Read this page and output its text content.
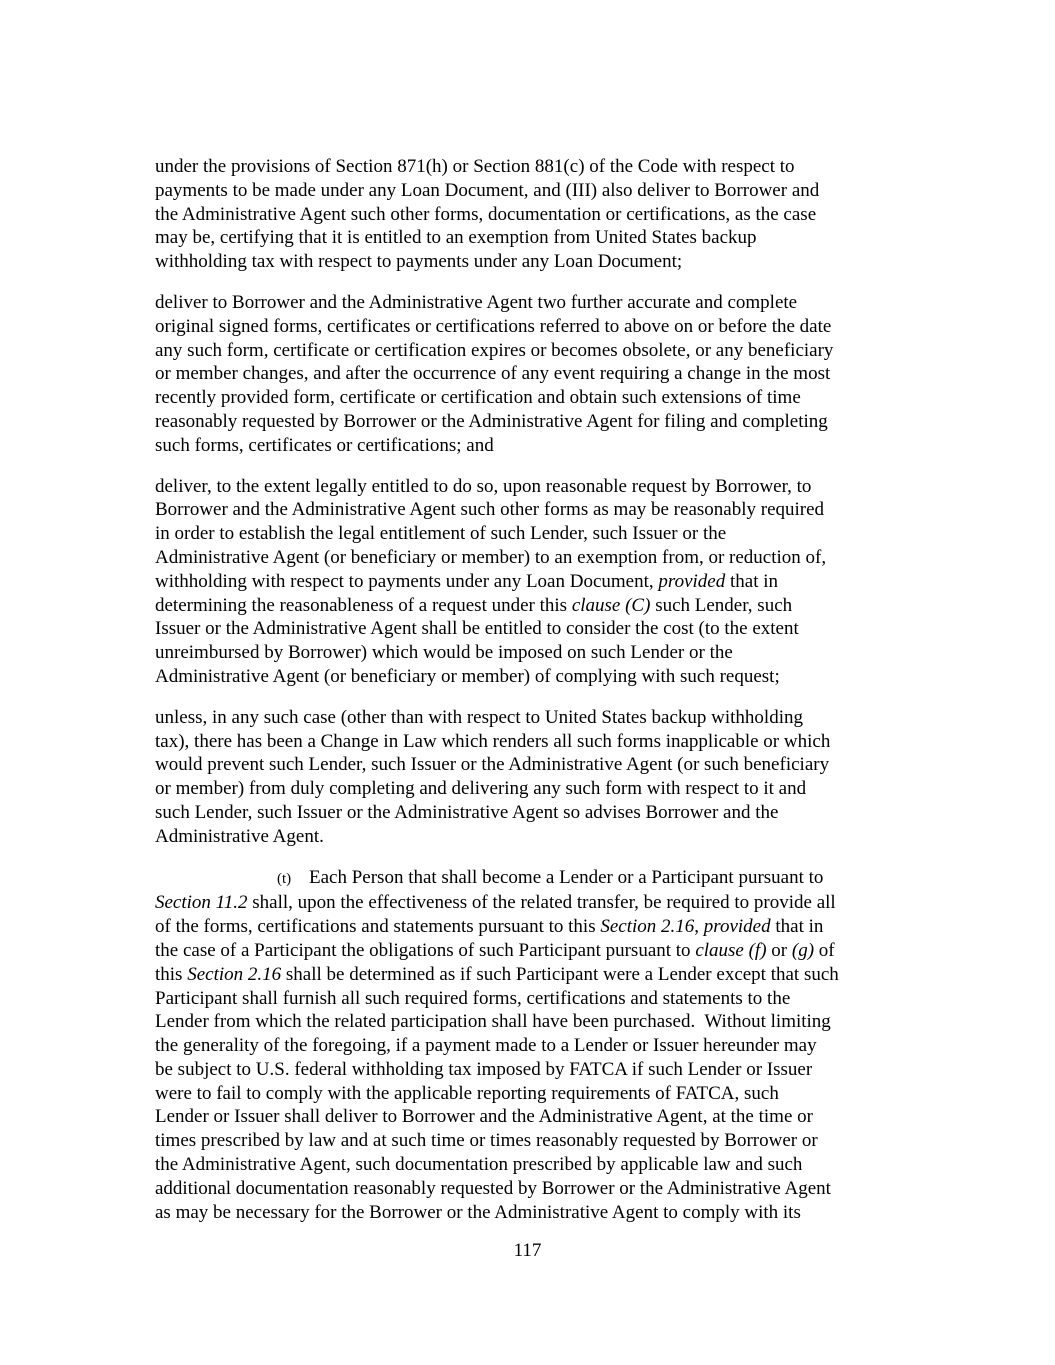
under the provisions of Section 871(h) or Section 881(c) of the Code with respect to
payments to be made under any Loan Document, and (III) also deliver to Borrower and
the Administrative Agent such other forms, documentation or certifications, as the case
may be, certifying that it is entitled to an exemption from United States backup
withholding tax with respect to payments under any Loan Document;

deliver to Borrower and the Administrative Agent two further accurate and complete
original signed forms, certificates or certifications referred to above on or before the date
any such form, certificate or certification expires or becomes obsolete, or any beneficiary
or member changes, and after the occurrence of any event requiring a change in the most
recently provided form, certificate or certification and obtain such extensions of time
reasonably requested by Borrower or the Administrative Agent for filing and completing
such forms, certificates or certifications; and

deliver, to the extent legally entitled to do so, upon reasonable request by Borrower, to
Borrower and the Administrative Agent such other forms as may be reasonably required
in order to establish the legal entitlement of such Lender, such Issuer or the
Administrative Agent (or beneficiary or member) to an exemption from, or reduction of,
withholding with respect to payments under any Loan Document, provided that in
determining the reasonableness of a request under this clause (C) such Lender, such
Issuer or the Administrative Agent shall be entitled to consider the cost (to the extent
unreimbursed by Borrower) which would be imposed on such Lender or the
Administrative Agent (or beneficiary or member) of complying with such request;

unless, in any such case (other than with respect to United States backup withholding
tax), there has been a Change in Law which renders all such forms inapplicable or which
would prevent such Lender, such Issuer or the Administrative Agent (or such beneficiary
or member) from duly completing and delivering any such form with respect to it and
such Lender, such Issuer or the Administrative Agent so advises Borrower and the
Administrative Agent.

(t) Each Person that shall become a Lender or a Participant pursuant to
Section 11.2 shall, upon the effectiveness of the related transfer, be required to provide all
of the forms, certifications and statements pursuant to this Section 2.16, provided that in
the case of a Participant the obligations of such Participant pursuant to clause (f) or (g) of
this Section 2.16 shall be determined as if such Participant were a Lender except that such
Participant shall furnish all such required forms, certifications and statements to the
Lender from which the related participation shall have been purchased.  Without limiting
the generality of the foregoing, if a payment made to a Lender or Issuer hereunder may
be subject to U.S. federal withholding tax imposed by FATCA if such Lender or Issuer
were to fail to comply with the applicable reporting requirements of FATCA, such
Lender or Issuer shall deliver to Borrower and the Administrative Agent, at the time or
times prescribed by law and at such time or times reasonably requested by Borrower or
the Administrative Agent, such documentation prescribed by applicable law and such
additional documentation reasonably requested by Borrower or the Administrative Agent
as may be necessary for the Borrower or the Administrative Agent to comply with its

117
